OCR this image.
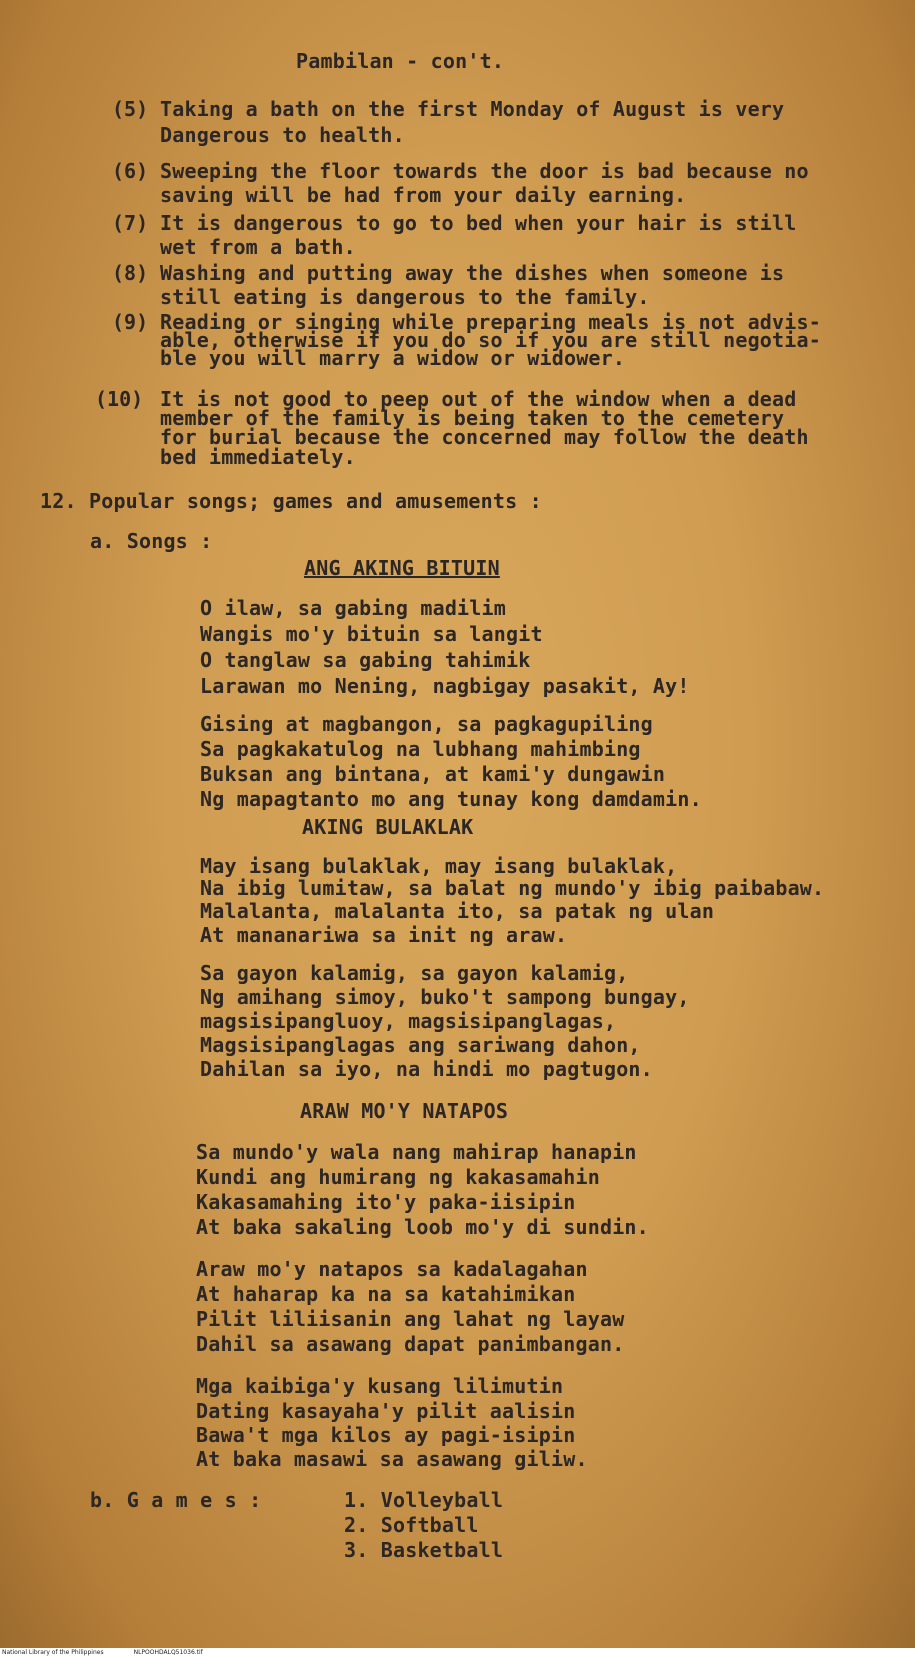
Pambilan - con't.
(5) Taking a bath on the first Monday of August is very
Dangerous to health.
(6) Sweeping the floor towards the door is bad because no
saving will be had from your daily earning.
(7) It is dangerous to go to bed when your hair is still
wet from a bath.
(8) Washing and putting away the dishes when someone is
still eating is dangerous to the family.
(9) Reading or singing while preparing meals is not advis-
able, otherwise if you do so if you are still negotia-
ble you will marry a widow or widower.
(10) It is not good to peep out of the window when a dead
member of the family is being taken to the cemetery
for burial because the concerned may follow the death
bed immediately.
12. Popular songs; games and amusements :
a. Songs :
ANG AKING BITUIN
O ilaw, sa gabing madilim
Wangis mo'y bituin sa langit
O tanglaw sa gabing tahimik
Larawan mo Nening, nagbigay pasakit, Ay!
Gising at magbangon, sa pagkagupiling
Sa pagkakatulog na lubhang mahimbing
Buksan ang bintana, at kami'y dungawin
Ng mapagtanto mo ang tunay kong damdamin.
AKING BULAKLAK
May isang bulaklak, may isang bulaklak,
Na ibig lumitaw, sa balat ng mundo'y ibig paibabaw.
Malalanta, malalanta ito, sa patak ng ulan
At mananariwa sa init ng araw.
Sa gayon kalamig, sa gayon kalamig,
Ng amihang simoy, buko't sampong bungay,
magsisipangluoy, magsisipanglagas,
Magsisipanglagas ang sariwang dahon,
Dahilan sa iyo, na hindi mo pagtugon.
ARAW MO'Y NATAPOS
Sa mundo'y wala nang mahirap hanapin
Kundi ang humirang ng kakasamahin
Kakasamahing ito'y paka-iisipin
At baka sakaling loob mo'y di sundin.
Araw mo'y natapos sa kadalagahan
At haharap ka na sa katahimikan
Pilit liliisanin ang lahat ng layaw
Dahil sa asawang dapat panimbangan.
Mga kaibiga'y kusang lilimutin
Dating kasayaha'y pilit aalisin
Bawa't mga kilos ay pagi-isipin
At baka masawi sa asawang giliw.
b. G a m e s :	1. Volleyball
2. Softball
3. Basketball
National Library of the Philippines	NLPOOHDALQ51036.tif
